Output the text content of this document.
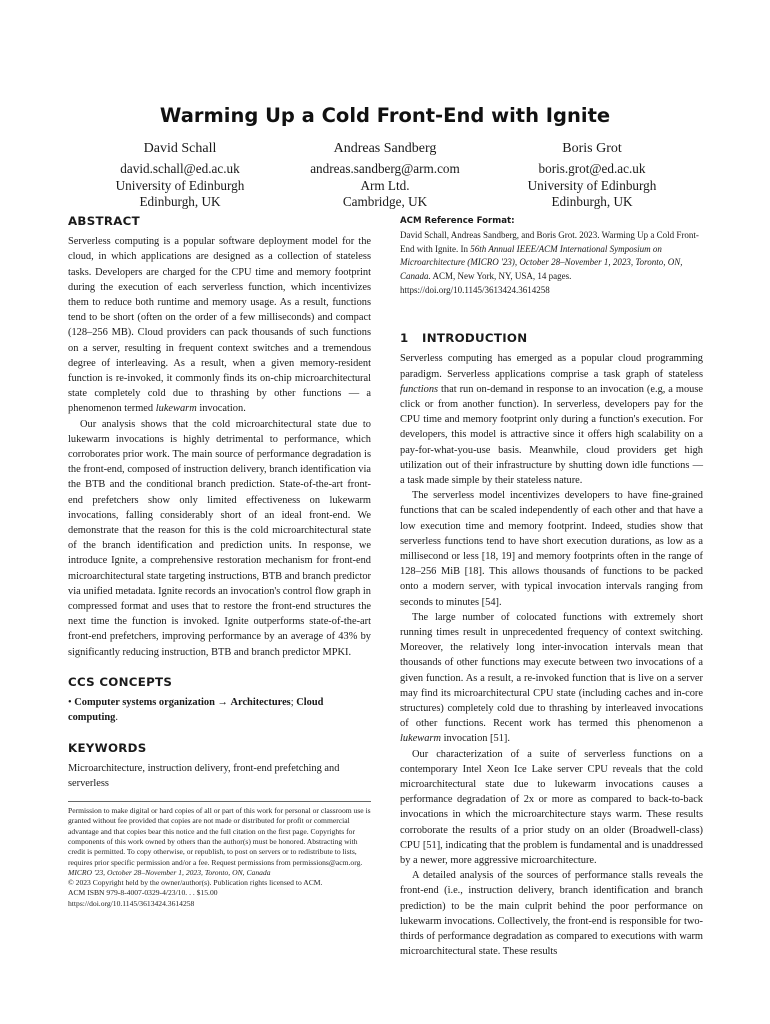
Warming Up a Cold Front-End with Ignite
David Schall
david.schall@ed.ac.uk
University of Edinburgh
Edinburgh, UK
Andreas Sandberg
andreas.sandberg@arm.com
Arm Ltd.
Cambridge, UK
Boris Grot
boris.grot@ed.ac.uk
University of Edinburgh
Edinburgh, UK
ABSTRACT

Serverless computing is a popular software deployment model for the cloud, in which applications are designed as a collection of stateless tasks. Developers are charged for the CPU time and memory footprint during the execution of each serverless function, which incentivizes them to reduce both runtime and memory usage. As a result, functions tend to be short (often on the order of a few milliseconds) and compact (128–256 MB). Cloud providers can pack thousands of such functions on a server, resulting in frequent context switches and a tremendous degree of interleaving. As a result, when a given memory-resident function is re-invoked, it commonly finds its on-chip microarchitectural state completely cold due to thrashing by other functions — a phenomenon termed lukewarm invocation.

Our analysis shows that the cold microarchitectural state due to lukewarm invocations is highly detrimental to performance, which corroborates prior work. The main source of performance degradation is the front-end, composed of instruction delivery, branch identification via the BTB and the conditional branch prediction. State-of-the-art front-end prefetchers show only limited effectiveness on lukewarm invocations, falling considerably short of an ideal front-end. We demonstrate that the reason for this is the cold microarchitectural state of the branch identification and prediction units. In response, we introduce Ignite, a comprehensive restoration mechanism for front-end microarchitectural state targeting instructions, BTB and branch predictor via unified metadata. Ignite records an invocation's control flow graph in compressed format and uses that to restore the front-end structures the next time the function is invoked. Ignite outperforms state-of-the-art front-end prefetchers, improving performance by an average of 43% by significantly reducing instruction, BTB and branch predictor MPKI.

CCS CONCEPTS

• Computer systems organization → Architectures; Cloud computing.

KEYWORDS

Microarchitecture, instruction delivery, front-end prefetching and serverless

Permission to make digital or hard copies of all or part of this work for personal or classroom use is granted without fee provided that copies are not made or distributed for profit or commercial advantage and that copies bear this notice and the full citation on the first page. Copyrights for components of this work owned by others than the author(s) must be honored. Abstracting with credit is permitted. To copy otherwise, or republish, to post on servers or to redistribute to lists, requires prior specific permission and/or a fee. Request permissions from permissions@acm.org.
MICRO '23, October 28–November 1, 2023, Toronto, ON, Canada
© 2023 Copyright held by the owner/author(s). Publication rights licensed to ACM.
ACM ISBN 979-8-4007-0329-4/23/10. . . $15.00
https://doi.org/10.1145/3613424.3614258
ACM Reference Format:
David Schall, Andreas Sandberg, and Boris Grot. 2023. Warming Up a Cold Front-End with Ignite. In 56th Annual IEEE/ACM International Symposium on Microarchitecture (MICRO '23), October 28–November 1, 2023, Toronto, ON, Canada. ACM, New York, NY, USA, 14 pages. https://doi.org/10.1145/3613424.3614258
1 INTRODUCTION

Serverless computing has emerged as a popular cloud programming paradigm. Serverless applications comprise a task graph of stateless functions that run on-demand in response to an invocation (e.g, a mouse click or from another function). In serverless, developers pay for the CPU time and memory footprint only during a function's execution. For developers, this model is attractive since it offers high scalability on a pay-for-what-you-use basis. Meanwhile, cloud providers get high utilization out of their infrastructure by shutting down idle functions — a task made simple by their stateless nature.

The serverless model incentivizes developers to have fine-grained functions that can be scaled independently of each other and that have a low execution time and memory footprint. Indeed, studies show that serverless functions tend to have short execution durations, as low as a millisecond or less [18, 19] and memory footprints often in the range of 128–256 MiB [18]. This allows thousands of functions to be packed onto a modern server, with typical invocation intervals ranging from seconds to minutes [54].

The large number of colocated functions with extremely short running times result in unprecedented frequency of context switching. Moreover, the relatively long inter-invocation intervals mean that thousands of other functions may execute between two invocations of a given function. As a result, a re-invoked function that is live on a server may find its microarchitectural CPU state (including caches and in-core structures) completely cold due to thrashing by interleaved invocations of other functions. Recent work has termed this phenomenon a lukewarm invocation [51].

Our characterization of a suite of serverless functions on a contemporary Intel Xeon Ice Lake server CPU reveals that the cold microarchitectural state due to lukewarm invocations causes a performance degradation of 2x or more as compared to back-to-back invocations in which the microarchitecture stays warm. These results corroborate the results of a prior study on an older (Broadwell-class) CPU [51], indicating that the problem is fundamental and is unaddressed by a newer, more aggressive microarchitecture.

A detailed analysis of the sources of performance stalls reveals the front-end (i.e., instruction delivery, branch identification and branch prediction) to be the main culprit behind the poor performance on lukewarm invocations. Collectively, the front-end is responsible for two-thirds of performance degradation as compared to executions with warm microarchitectural state. These results
